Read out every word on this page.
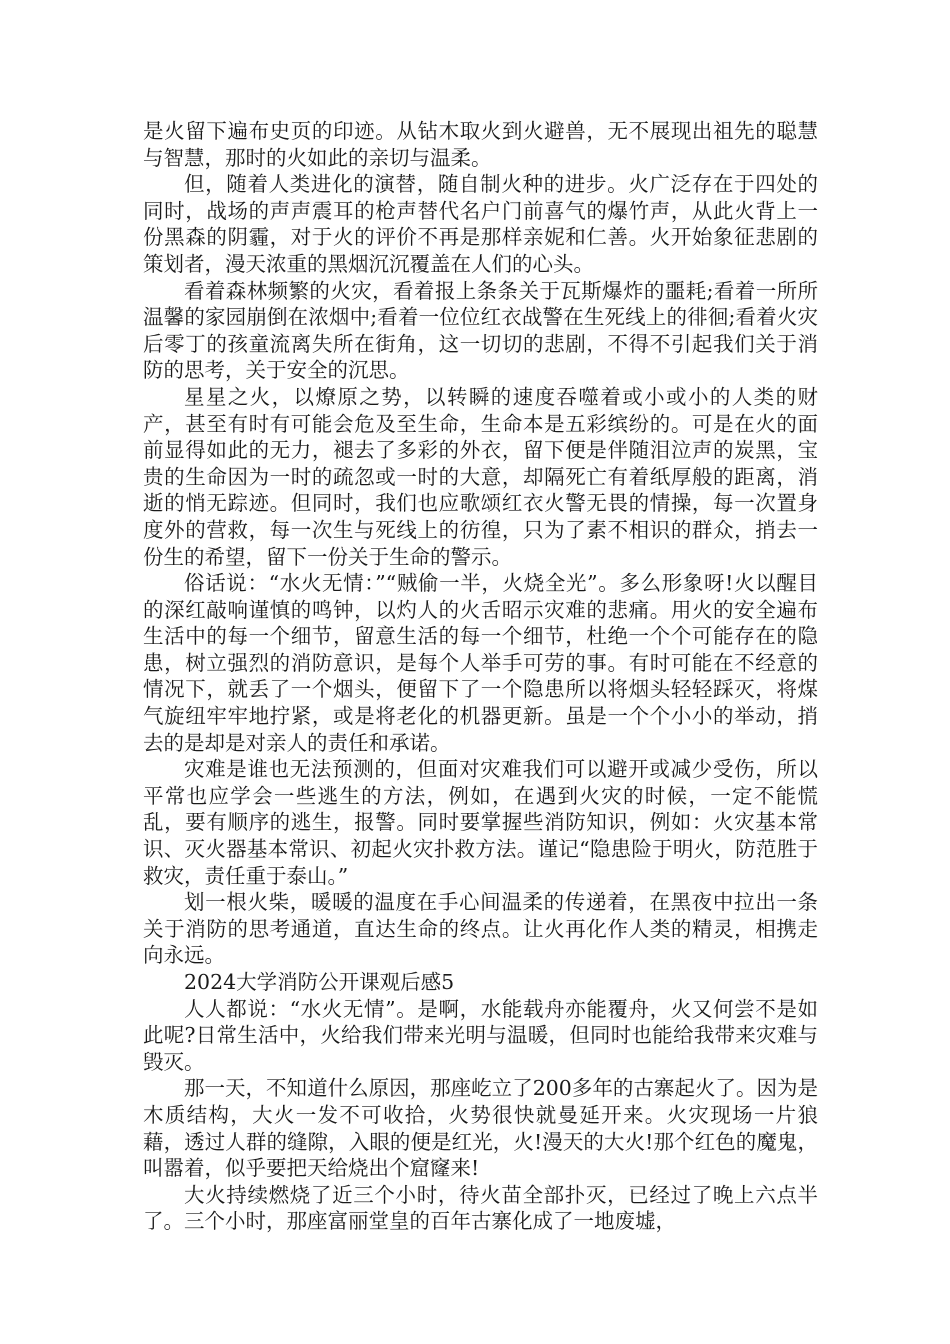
是火留下遍布史页的印迹。从钻木取火到火避兽，无不展现出祖先的聪慧与智慧，那时的火如此的亲切与温柔。

但，随着人类进化的演替，随自制火种的进步。火广泛存在于四处的同时，战场的声声震耳的枪声替代名户门前喜气的爆竹声，从此火背上一份黑森的阴霾，对于火的评价不再是那样亲妮和仁善。火开始象征悲剧的策划者，漫天浓重的黑烟沉沉覆盖在人们的心头。

看着森林频繁的火灾，看着报上条条关于瓦斯爆炸的噩耗;看着一所所温馨的家园崩倒在浓烟中;看着一位位红衣战警在生死线上的徘徊;看着火灾后零丁的孩童流离失所在街角，这一切切的悲剧，不得不引起我们关于消防的思考，关于安全的沉思。

星星之火，以燎原之势，以转瞬的速度吞噬着或小或小的人类的财产，甚至有时有可能会危及至生命，生命本是五彩缤纷的。可是在火的面前显得如此的无力，褪去了多彩的外衣，留下便是伴随泪泣声的炭黑，宝贵的生命因为一时的疏忽或一时的大意，却隔死亡有着纸厚般的距离，消逝的悄无踪迹。但同时，我们也应歌颂红衣火警无畏的情操，每一次置身度外的营救，每一次生与死线上的彷徨，只为了素不相识的群众，捎去一份生的希望，留下一份关于生命的警示。

俗话说：“水火无情：”“贼偷一半，火烧全光”。多么形象呀!火以醒目的深红敲响谨慎的鸣钟，以灼人的火舌昭示灾难的悲痛。用火的安全遍布生活中的每一个细节，留意生活的每一个细节，杜绝一个个可能存在的隐患，树立强烈的消防意识，是每个人举手可劳的事。有时可能在不经意的情况下，就丢了一个烟头，便留下了一个隐患所以将烟头轻轻踩灭，将煤气旋纽牢牢地拧紧，或是将老化的机器更新。虽是一个个小小的举动，捎去的是却是对亲人的责任和承诺。

灾难是谁也无法预测的，但面对灾难我们可以避开或减少受伤，所以平常也应学会一些逃生的方法，例如，在遇到火灾的时候，一定不能慌乱，要有顺序的逃生，报警。同时要掌握些消防知识，例如：火灾基本常识、灭火器基本常识、初起火灾扑救方法。谨记“隐患险于明火，防范胜于救灾，责任重于泰山。”

划一根火柴，暖暖的温度在手心间温柔的传递着，在黑夜中拉出一条关于消防的思考通道，直达生命的终点。让火再化作人类的精灵，相携走向永远。

2024大学消防公开课观后感5

人人都说：“水火无情”。是啊，水能载舟亦能覆舟，火又何尝不是如此呢?日常生活中，火给我们带来光明与温暖，但同时也能给我带来灾难与毁灭。

那一天，不知道什么原因，那座屹立了200多年的古寨起火了。因为是木质结构，大火一发不可收拾，火势很快就曼延开来。火灾现场一片狼藉，透过人群的缝隙，入眼的便是红光，火!漫天的大火!那个红色的魔鬼，叫嚣着，似乎要把天给烧出个窟窿来!

大火持续燃烧了近三个小时，待火苗全部扑灭，已经过了晚上六点半了。三个小时，那座富丽堂皇的百年古寨化成了一地废墟，
